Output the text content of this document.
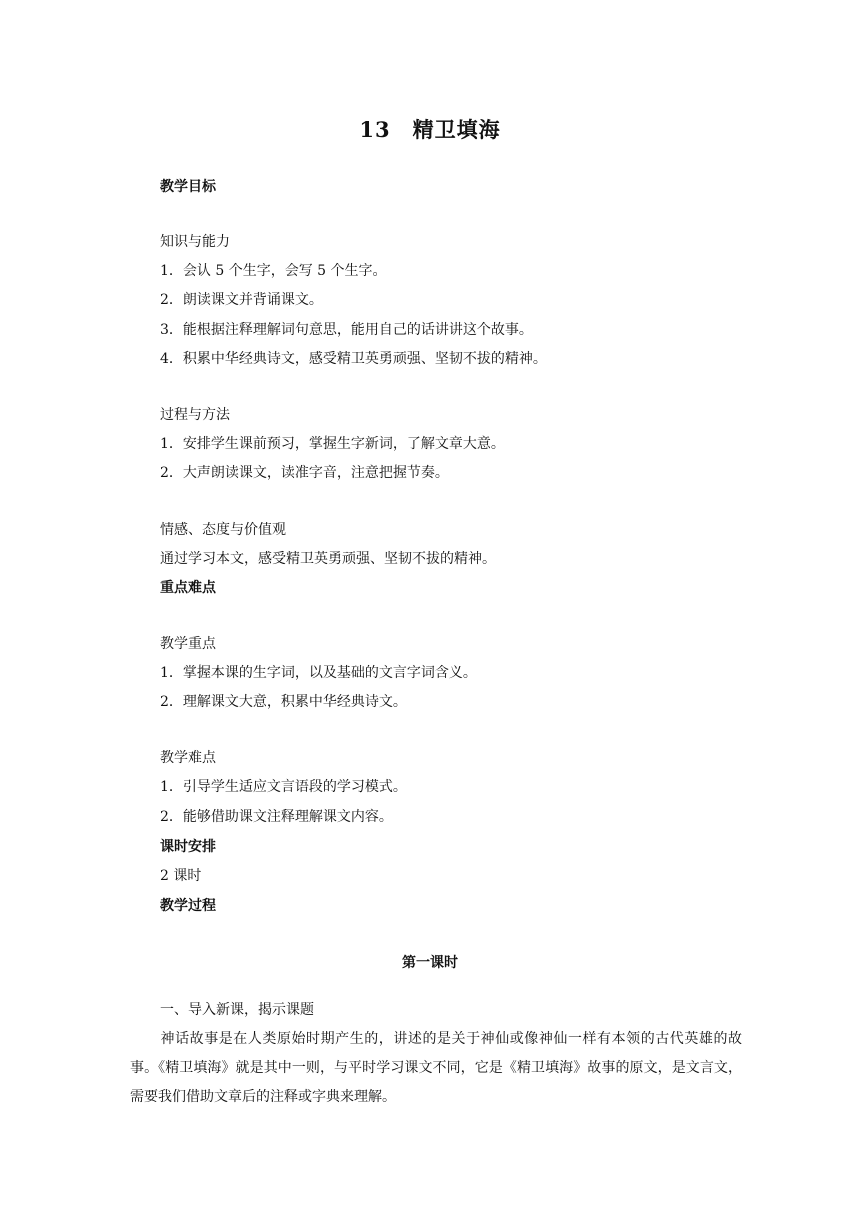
13 精卫填海
教学目标
知识与能力
1．会认 5 个生字，会写 5 个生字。
2．朗读课文并背诵课文。
3．能根据注释理解词句意思，能用自己的话讲讲这个故事。
4．积累中华经典诗文，感受精卫英勇顽强、坚韧不拔的精神。
过程与方法
1．安排学生课前预习，掌握生字新词，了解文章大意。
2．大声朗读课文，读准字音，注意把握节奏。
情感、态度与价值观
通过学习本文，感受精卫英勇顽强、坚韧不拔的精神。
重点难点
教学重点
1．掌握本课的生字词，以及基础的文言字词含义。
2．理解课文大意，积累中华经典诗文。
教学难点
1．引导学生适应文言语段的学习模式。
2．能够借助课文注释理解课文内容。
课时安排
2 课时
教学过程
第一课时
一、导入新课，揭示课题
神话故事是在人类原始时期产生的，讲述的是关于神仙或像神仙一样有本领的古代英雄的故事。《精卫填海》就是其中一则，与平时学习课文不同，它是《精卫填海》故事的原文，是文言文，需要我们借助文章后的注释或字典来理解。
